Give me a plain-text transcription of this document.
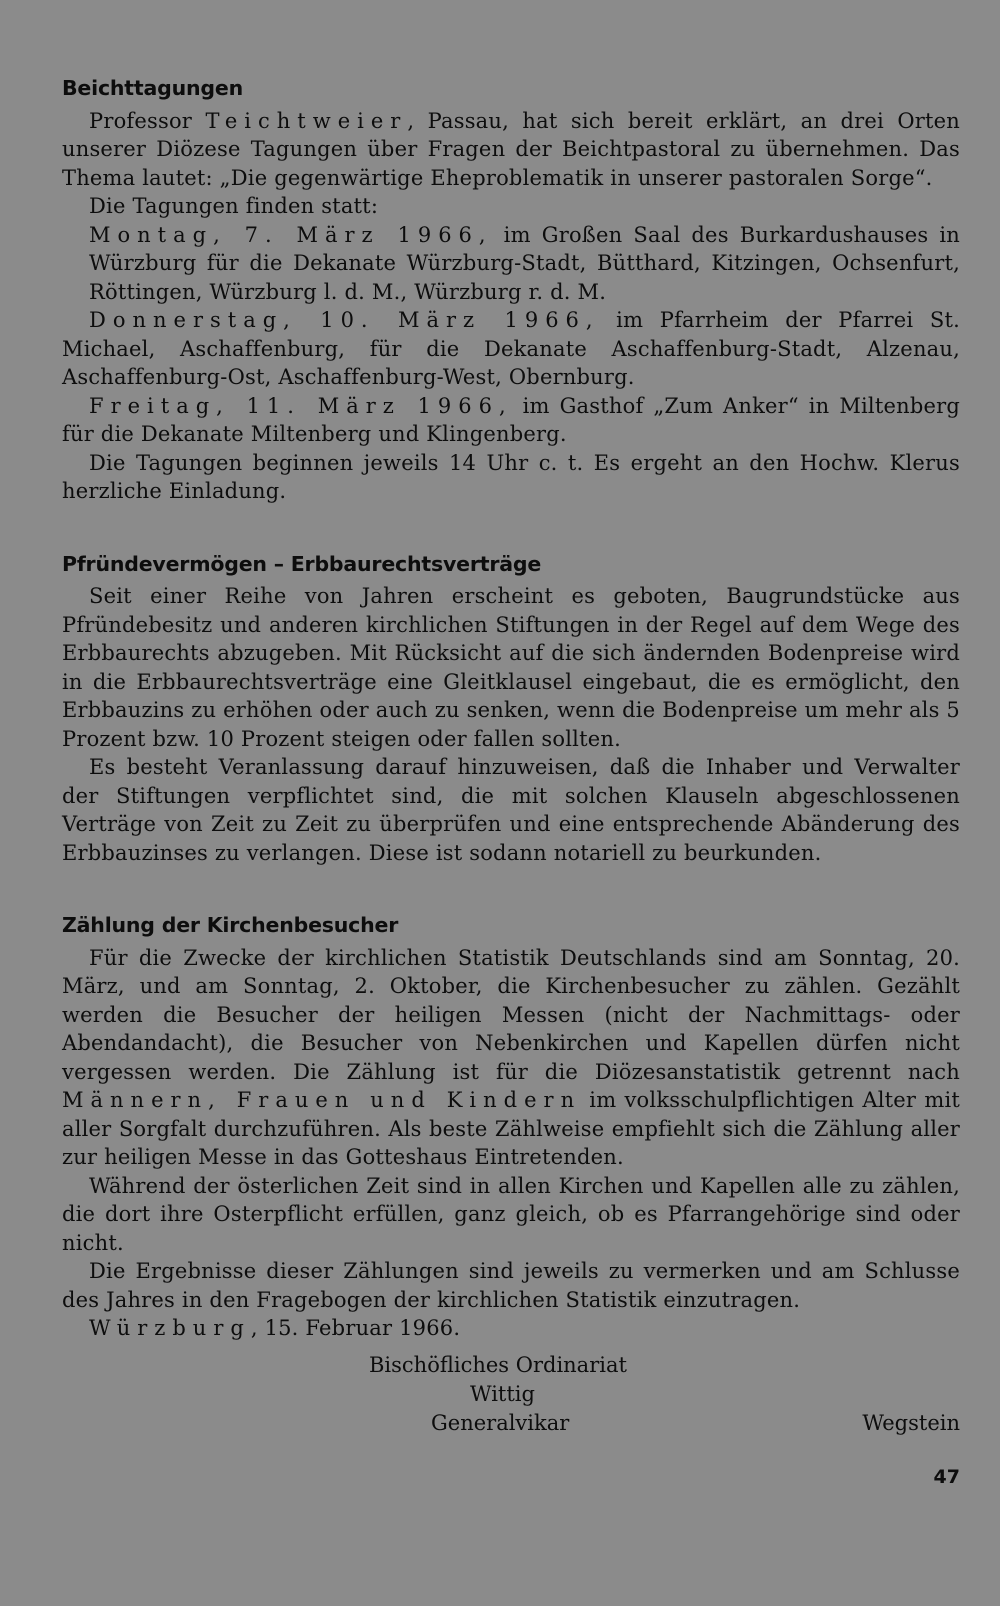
Beichttagungen

Professor Teichtweier, Passau, hat sich bereit erklärt, an drei Orten unserer Diözese Tagungen über Fragen der Beichtpastoral zu übernehmen. Das Thema lautet: „Die gegenwärtige Eheproblematik in unserer pastoralen Sorge“.

Die Tagungen finden statt:

Montag, 7. März 1966, im Großen Saal des Burkardushauses in Würzburg für die Dekanate Würzburg-Stadt, Bütthard, Kitzingen, Ochsenfurt, Röttingen, Würzburg l. d. M., Würzburg r. d. M.

Donnerstag, 10. März 1966, im Pfarrheim der Pfarrei St. Michael, Aschaffenburg, für die Dekanate Aschaffenburg-Stadt, Alzenau, Aschaffenburg-Ost, Aschaffenburg-West, Obernburg.

Freitag, 11. März 1966, im Gasthof „Zum Anker“ in Miltenberg für die Dekanate Miltenberg und Klingenberg.

Die Tagungen beginnen jeweils 14 Uhr c. t. Es ergeht an den Hochw. Klerus herzliche Einladung.

Pfründevermögen – Erbbaurechtsverträge

Seit einer Reihe von Jahren erscheint es geboten, Baugrundstücke aus Pfründebesitz und anderen kirchlichen Stiftungen in der Regel auf dem Wege des Erbbaurechts abzugeben. Mit Rücksicht auf die sich ändernden Bodenpreise wird in die Erbbaurechtsverträge eine Gleitklausel eingebaut, die es ermöglicht, den Erbbauzins zu erhöhen oder auch zu senken, wenn die Bodenpreise um mehr als 5 Prozent bzw. 10 Prozent steigen oder fallen sollten.

Es besteht Veranlassung darauf hinzuweisen, daß die Inhaber und Verwalter der Stiftungen verpflichtet sind, die mit solchen Klauseln abgeschlossenen Verträge von Zeit zu Zeit zu überprüfen und eine entsprechende Abänderung des Erbbauzinses zu verlangen. Diese ist sodann notariell zu beurkunden.

Zählung der Kirchenbesucher

Für die Zwecke der kirchlichen Statistik Deutschlands sind am Sonntag, 20. März, und am Sonntag, 2. Oktober, die Kirchenbesucher zu zählen. Gezählt werden die Besucher der heiligen Messen (nicht der Nachmittags- oder Abendandacht), die Besucher von Nebenkirchen und Kapellen dürfen nicht vergessen werden. Die Zählung ist für die Diözesanstatistik getrennt nach Männern, Frauen und Kindern im volksschulpflichtigen Alter mit aller Sorgfalt durchzuführen. Als beste Zählweise empfiehlt sich die Zählung aller zur heiligen Messe in das Gotteshaus Eintretenden.

Während der österlichen Zeit sind in allen Kirchen und Kapellen alle zu zählen, die dort ihre Osterpflicht erfüllen, ganz gleich, ob es Pfarrangehörige sind oder nicht.

Die Ergebnisse dieser Zählungen sind jeweils zu vermerken und am Schlusse des Jahres in den Fragebogen der kirchlichen Statistik einzutragen.

Würzburg, 15. Februar 1966.

Bischöfliches Ordinariat
Wittig
Generalvikar	Wegstein
47
